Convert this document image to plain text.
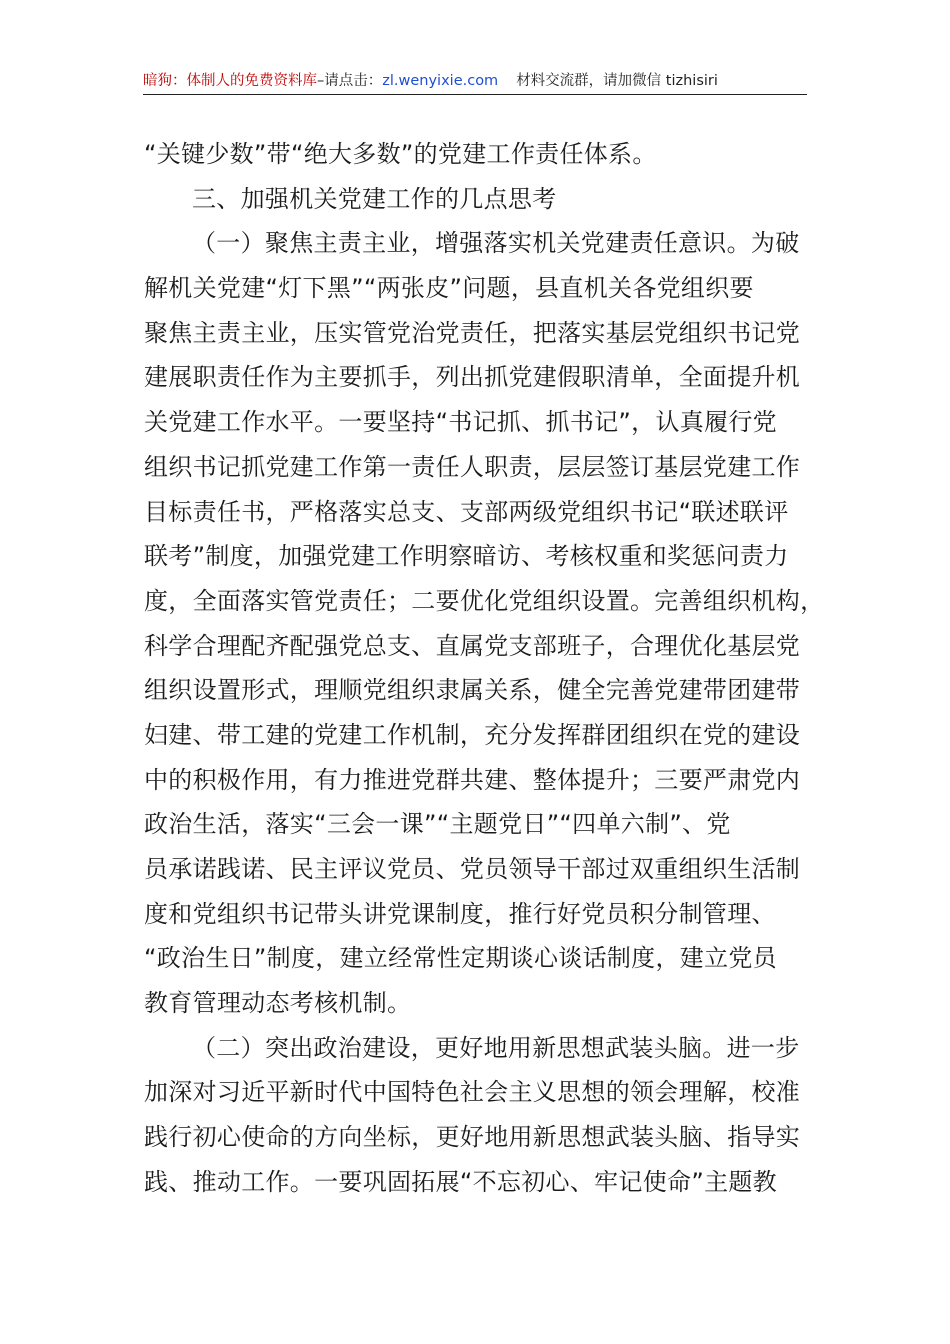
暗狗：体制人的免费资料库–请点击：zl.wenyixie.com 材料交流群，请加微信 tizhisiri
“关键少数”带“绝大多数”的党建工作责任体系。
三、加强机关党建工作的几点思考
（一）聚焦主责主业，增强落实机关党建责任意识。为破
解机关党建“灯下黑”“两张皮”问题，县直机关各党组织要
聚焦主责主业，压实管党治党责任，把落实基层党组织书记党
建展职责任作为主要抓手，列出抓党建假职清单，全面提升机
关党建工作水平。一要坚持“书记抓、抓书记”，认真履行党
组织书记抓党建工作第一责任人职责，层层签订基层党建工作
目标责任书，严格落实总支、支部两级党组织书记“联述联评
联考”制度，加强党建工作明察暗访、考核权重和奖惩问责力
度，全面落实管党责任；二要优化党组织设置。完善组织机构，
科学合理配齐配强党总支、直属党支部班子，合理优化基层党
组织设置形式，理顺党组织隶属关系，健全完善党建带团建带
妇建、带工建的党建工作机制，充分发挥群团组织在党的建设
中的积极作用，有力推进党群共建、整体提升；三要严肃党内
政治生活，落实“三会一课”“主题党日”“四单六制”、党
员承诺践诺、民主评议党员、党员领导干部过双重组织生活制
度和党组织书记带头讲党课制度，推行好党员积分制管理、
“政治生日”制度，建立经常性定期谈心谈话制度，建立党员
教育管理动态考核机制。
（二）突出政治建设，更好地用新思想武装头脑。进一步
加深对习近平新时代中国特色社会主义思想的领会理解，校准
践行初心使命的方向坐标，更好地用新思想武装头脑、指导实
践、推动工作。一要巩固拓展“不忘初心、牢记使命”主题教
